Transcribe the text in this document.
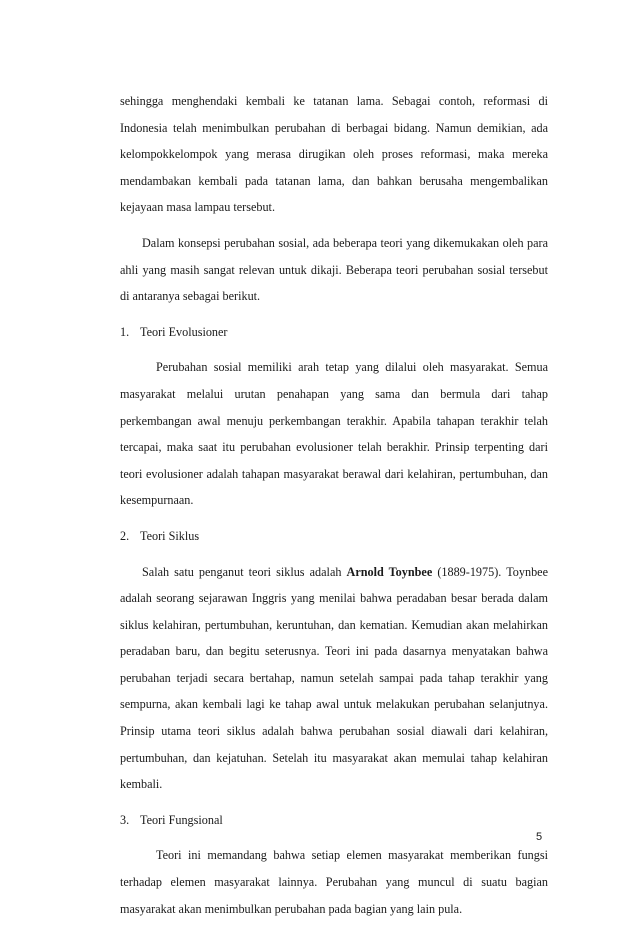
sehingga menghendaki kembali ke tatanan lama. Sebagai contoh, reformasi di Indonesia telah menimbulkan perubahan di berbagai bidang. Namun demikian, ada kelompokkelompok yang merasa dirugikan oleh proses reformasi, maka mereka mendambakan kembali pada tatanan lama, dan bahkan berusaha mengembalikan kejayaan masa lampau tersebut.

Dalam konsepsi perubahan sosial, ada beberapa teori yang dikemukakan oleh para ahli yang masih sangat relevan untuk dikaji. Beberapa teori perubahan sosial tersebut di antaranya sebagai berikut.

1. Teori Evolusioner

Perubahan sosial memiliki arah tetap yang dilalui oleh masyarakat. Semua masyarakat melalui urutan penahapan yang sama dan bermula dari tahap perkembangan awal menuju perkembangan terakhir. Apabila tahapan terakhir telah tercapai, maka saat itu perubahan evolusioner telah berakhir. Prinsip terpenting dari teori evolusioner adalah tahapan masyarakat berawal dari kelahiran, pertumbuhan, dan kesempurnaan.

2. Teori Siklus

Salah satu penganut teori siklus adalah Arnold Toynbee (1889-1975). Toynbee adalah seorang sejarawan Inggris yang menilai bahwa peradaban besar berada dalam siklus kelahiran, pertumbuhan, keruntuhan, dan kematian. Kemudian akan melahirkan peradaban baru, dan begitu seterusnya. Teori ini pada dasarnya menyatakan bahwa perubahan terjadi secara bertahap, namun setelah sampai pada tahap terakhir yang sempurna, akan kembali lagi ke tahap awal untuk melakukan perubahan selanjutnya. Prinsip utama teori siklus adalah bahwa perubahan sosial diawali dari kelahiran, pertumbuhan, dan kejatuhan. Setelah itu masyarakat akan memulai tahap kelahiran kembali.

3. Teori Fungsional

Teori ini memandang bahwa setiap elemen masyarakat memberikan fungsi terhadap elemen masyarakat lainnya. Perubahan yang muncul di suatu bagian masyarakat akan menimbulkan perubahan pada bagian yang lain pula.

5
